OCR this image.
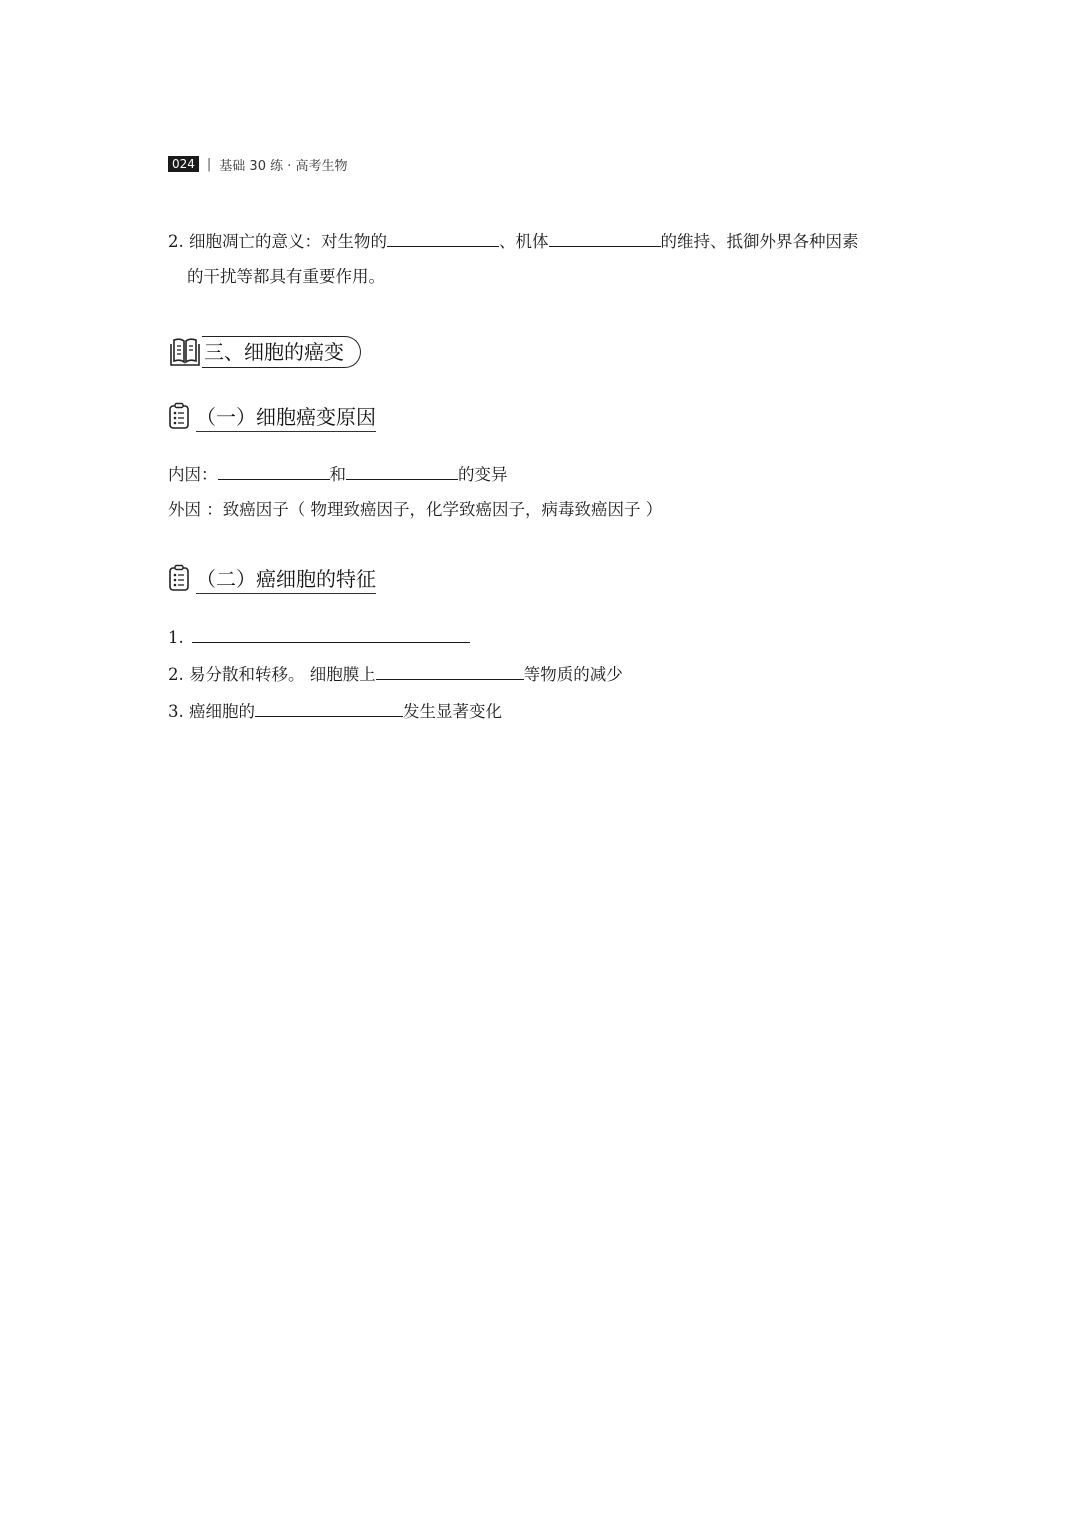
024 | 基础 30 练 · 高考生物
2. 细胞凋亡的意义：对生物的	、机体	的维持、抵御外界各种因素
的干扰等都具有重要作用。
三、细胞的癌变
（一）细胞癌变原因
内因：	和	的变异
外因 ：致癌因子（ 物理致癌因子，化学致癌因子，病毒致癌因子 ）
（二）癌细胞的特征
1.
2. 易分散和转移。 细胞膜上	等物质的减少
3. 癌细胞的	发生显著变化
